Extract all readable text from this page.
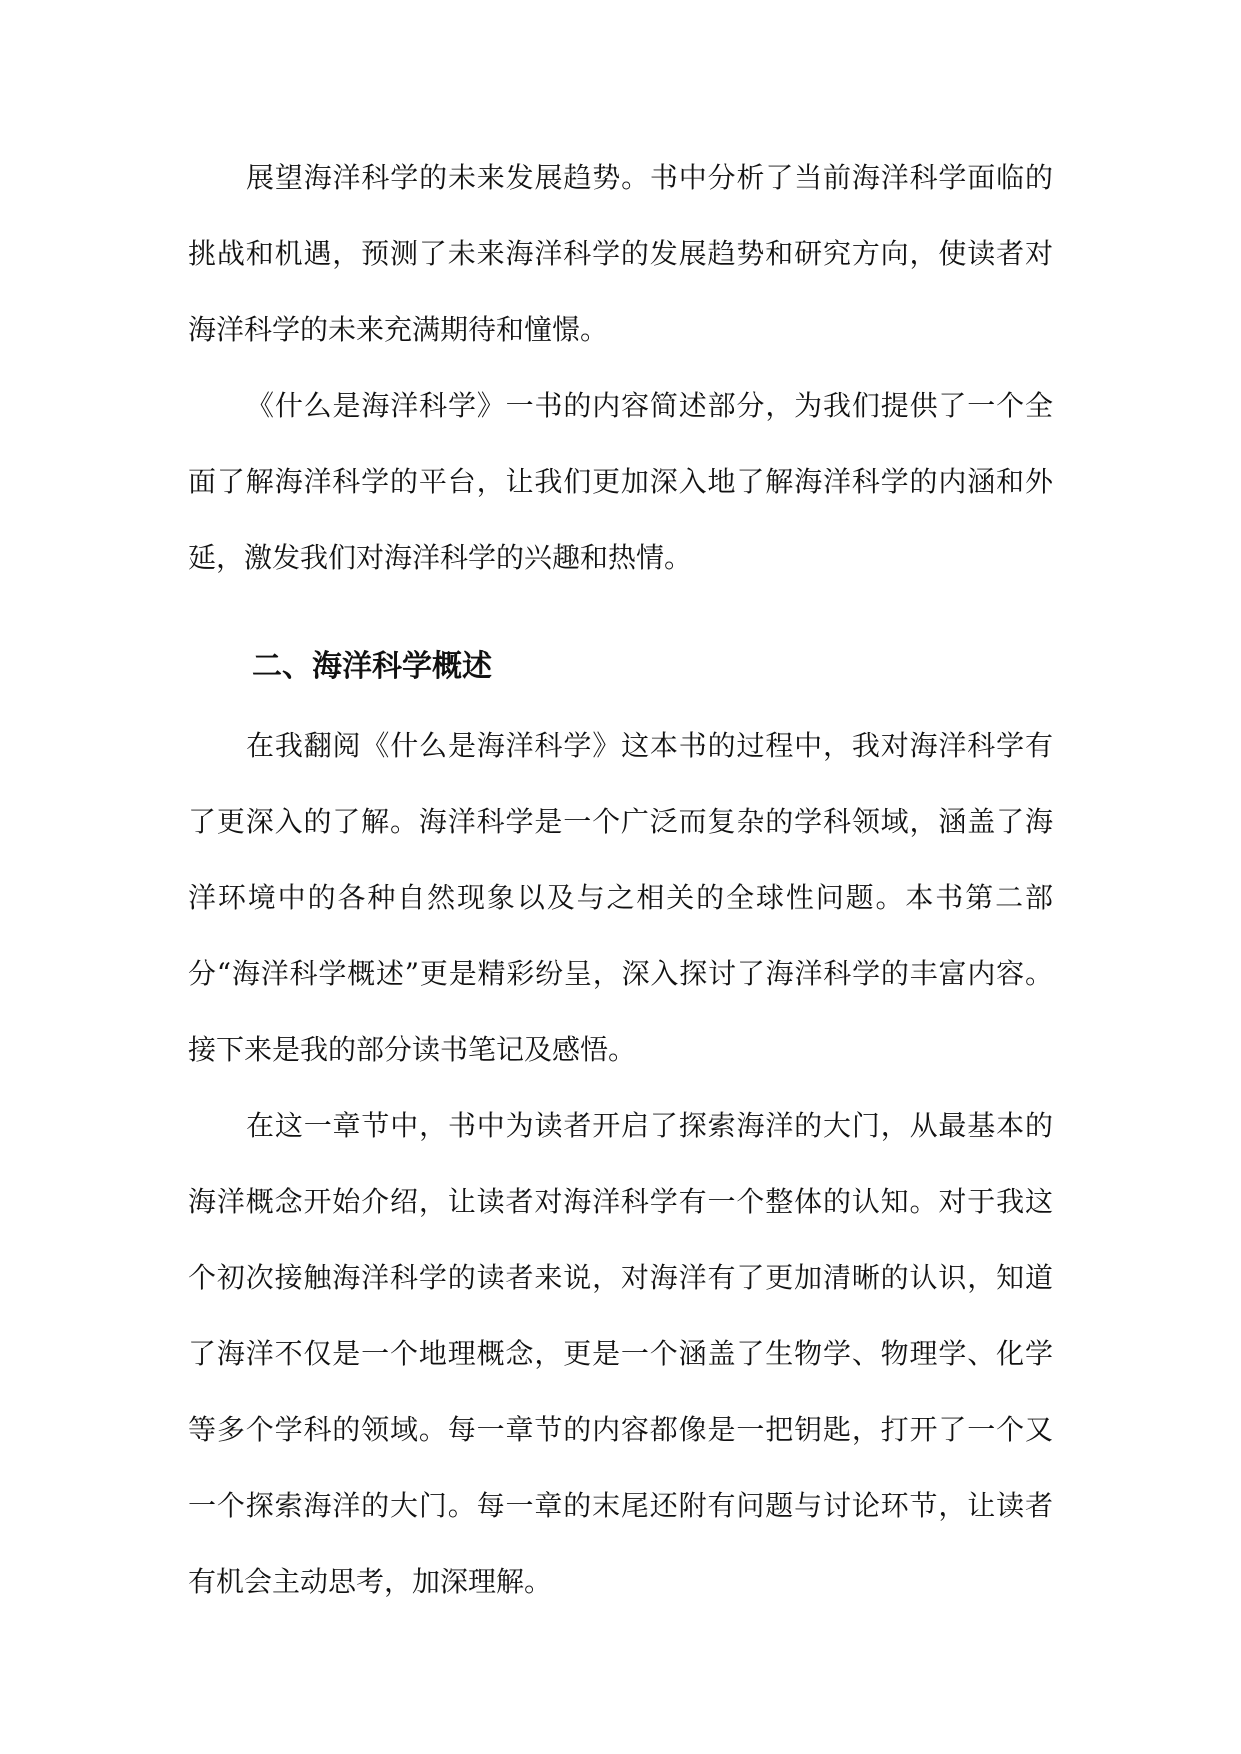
展望海洋科学的未来发展趋势。书中分析了当前海洋科学面临的挑战和机遇，预测了未来海洋科学的发展趋势和研究方向，使读者对海洋科学的未来充满期待和憧憬。

《什么是海洋科学》一书的内容简述部分，为我们提供了一个全面了解海洋科学的平台，让我们更加深入地了解海洋科学的内涵和外延，激发我们对海洋科学的兴趣和热情。

二、海洋科学概述

在我翻阅《什么是海洋科学》这本书的过程中，我对海洋科学有了更深入的了解。海洋科学是一个广泛而复杂的学科领域，涵盖了海洋环境中的各种自然现象以及与之相关的全球性问题。本书第二部分“海洋科学概述”更是精彩纷呈，深入探讨了海洋科学的丰富内容。接下来是我的部分读书笔记及感悟。

在这一章节中，书中为读者开启了探索海洋的大门，从最基本的海洋概念开始介绍，让读者对海洋科学有一个整体的认知。对于我这个初次接触海洋科学的读者来说，对海洋有了更加清晰的认识，知道了海洋不仅是一个地理概念，更是一个涵盖了生物学、物理学、化学等多个学科的领域。每一章节的内容都像是一把钥匙，打开了一个又一个探索海洋的大门。每一章的末尾还附有问题与讨论环节，让读者有机会主动思考，加深理解。
